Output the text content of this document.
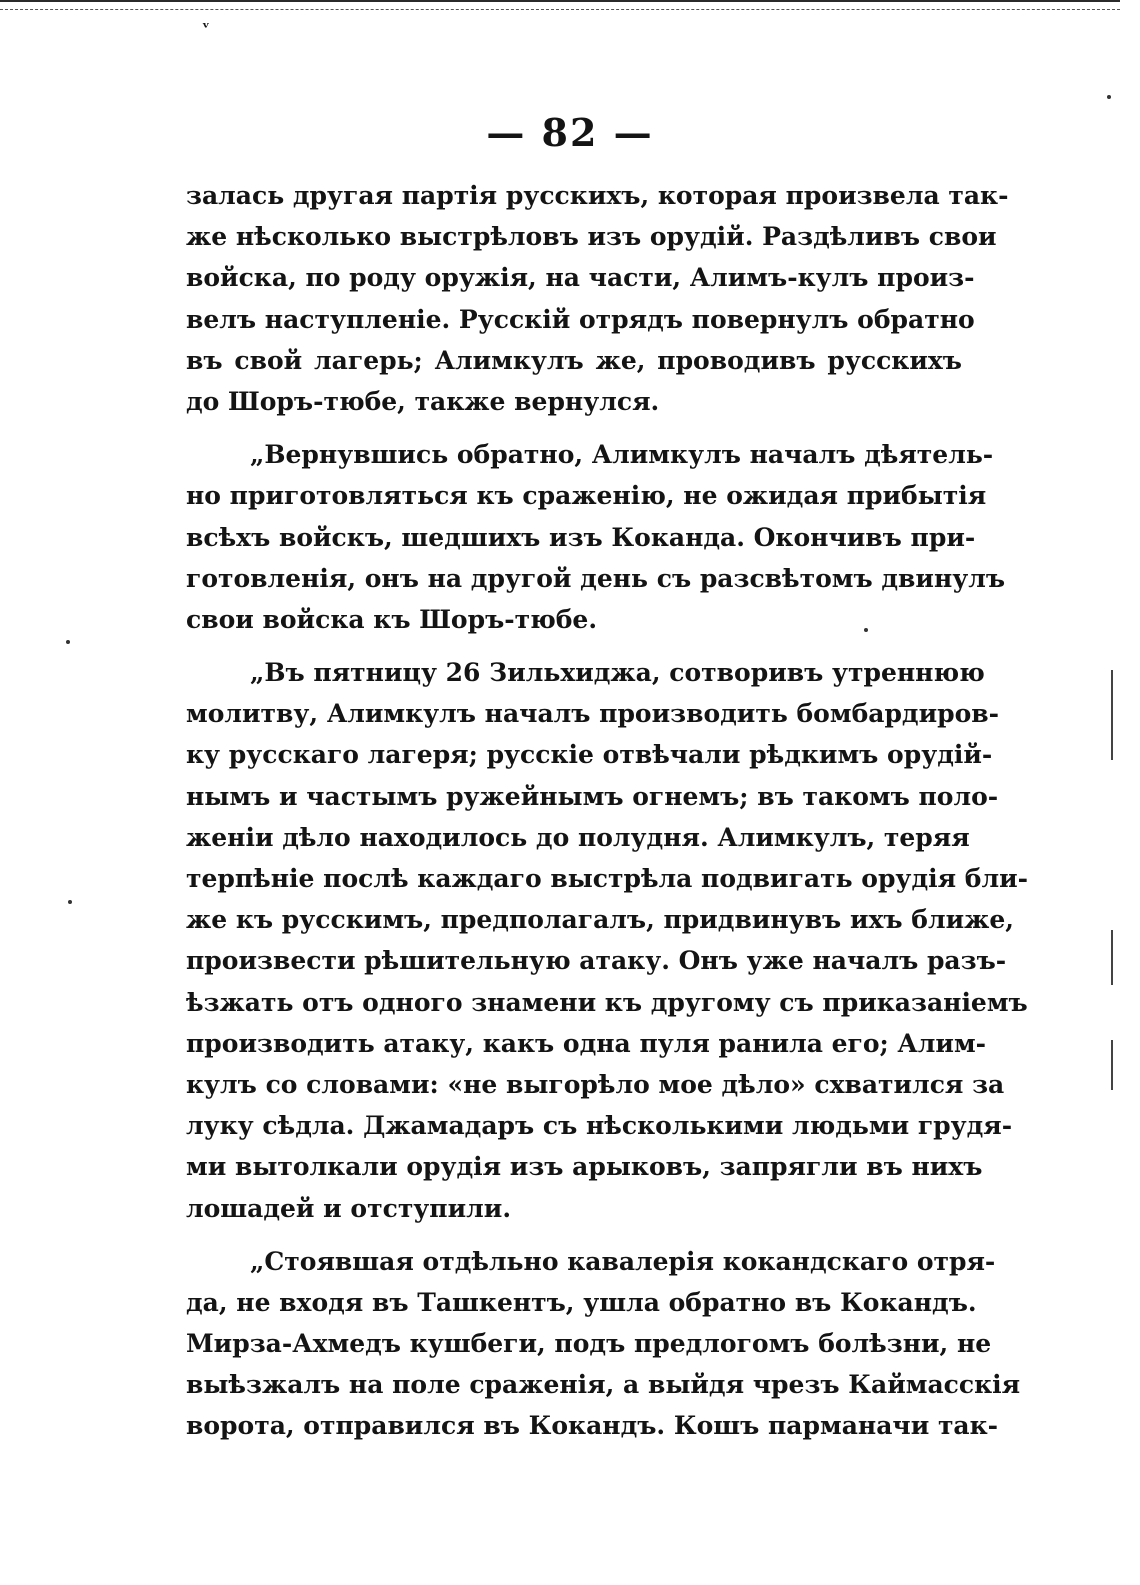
ᵛ
— 82 —
залась другая партія русскихъ, которая произвела так-
же нѣсколько выстрѣловъ изъ орудій. Раздѣливъ свои
войска, по роду оружія, на части, Алимъ-кулъ произ-
велъ наступленіе. Русскій отрядъ повернулъ обратно
въ свой лагерь; Алимкулъ же, проводивъ русскихъ
до Шоръ-тюбе, также вернулся.
„Вернувшись обратно, Алимкулъ началъ дѣятель-
но приготовляться къ сраженію, не ожидая прибытія
всѣхъ войскъ, шедшихъ изъ Коканда. Окончивъ при-
готовленія, онъ на другой день съ разсвѣтомъ двинулъ
свои войска къ Шоръ-тюбе.
„Въ пятницу 26 Зильхиджа, сотворивъ утреннюю
молитву, Алимкулъ началъ производить бомбардиров-
ку русскаго лагеря; русскіе отвѣчали рѣдкимъ орудій-
нымъ и частымъ ружейнымъ огнемъ; въ такомъ поло-
женіи дѣло находилось до полудня. Алимкулъ, теряя
терпѣніе послѣ каждаго выстрѣла подвигать орудія бли-
же къ русскимъ, предполагалъ, придвинувъ ихъ ближе,
произвести рѣшительную атаку. Онъ уже началъ разъ-
ѣзжать отъ одного знамени къ другому съ приказаніемъ
производить атаку, какъ одна пуля ранила его; Алим-
кулъ со словами: «не выгорѣло мое дѣло» схватился за
луку сѣдла. Джамадаръ съ нѣсколькими людьми грудя-
ми вытолкали орудія изъ арыковъ, запрягли въ нихъ
лошадей и отступили.
„Стоявшая отдѣльно кавалерія кокандскаго отря-
да, не входя въ Ташкентъ, ушла обратно въ Кокандъ.
Мирза-Ахмедъ кушбеги, подъ предлогомъ болѣзни, не
выѣзжалъ на поле сраженія, а выйдя чрезъ Каймасскія
ворота, отправился въ Кокандъ. Кошъ парманачи так-
